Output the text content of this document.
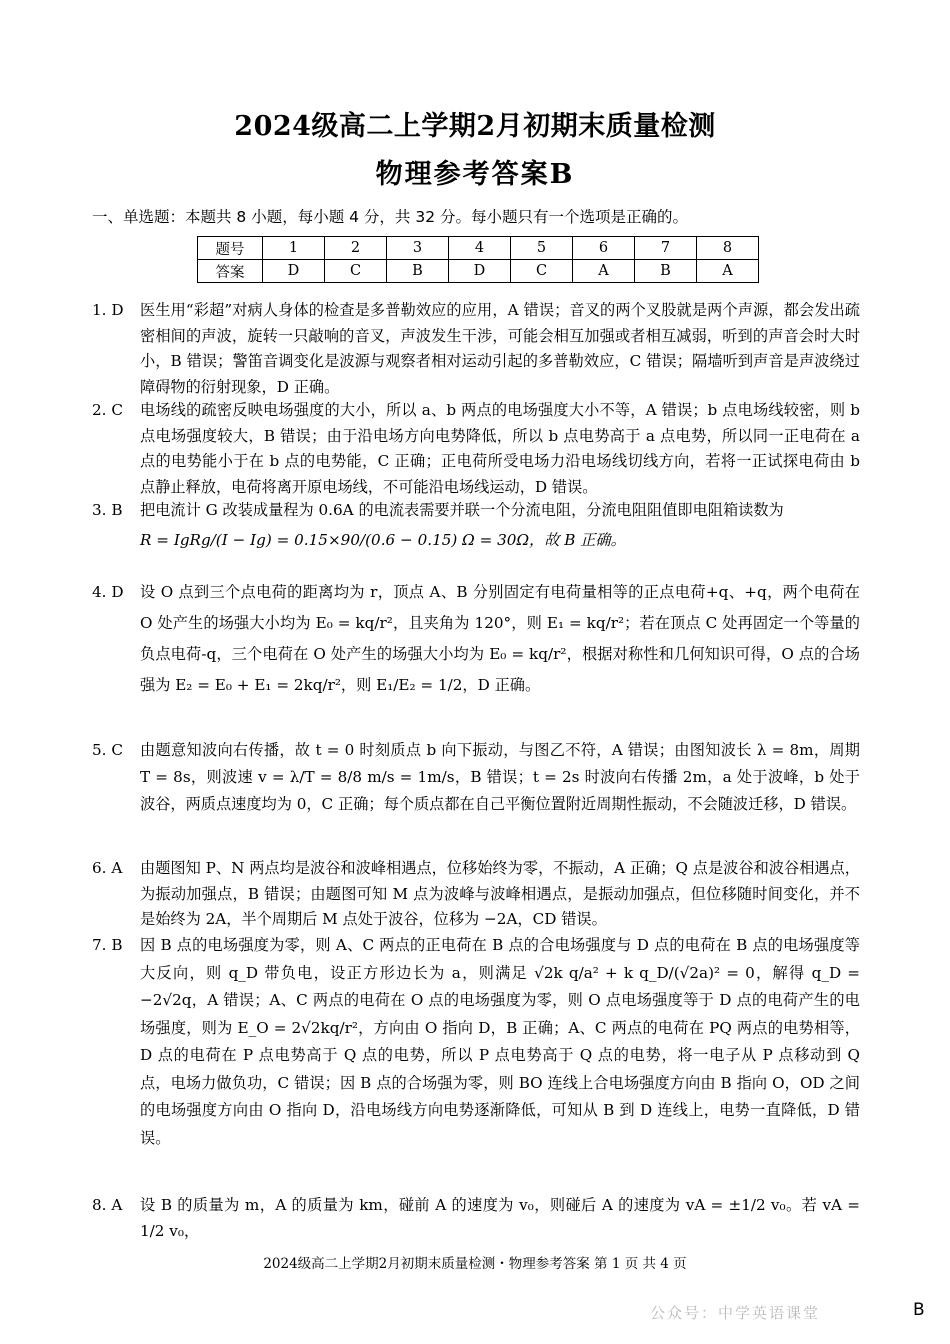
2024级高二上学期2月初期末质量检测
物理参考答案B
一、单选题：本题共 8 小题，每小题 4 分，共 32 分。每小题只有一个选项是正确的。
题号	1	2	3	4	5	6	7	8
答案	D	C	B	D	C	A	B	A
1. D	医生用“彩超”对病人身体的检查是多普勒效应的应用，A 错误；音叉的两个叉股就是两个声源，都会发出疏密相间的声波，旋转一只敲响的音叉，声波发生干涉，可能会相互加强或者相互减弱，听到的声音会时大时小，B 错误；警笛音调变化是波源与观察者相对运动引起的多普勒效应，C 错误；隔墙听到声音是声波绕过障碍物的衍射现象，D 正确。

2. C	电场线的疏密反映电场强度的大小，所以 a、b 两点的电场强度大小不等，A 错误；b 点电场线较密，则 b 点电场强度较大，B 错误；由于沿电场方向电势降低，所以 b 点电势高于 a 点电势，所以同一正电荷在 a 点的电势能小于在 b 点的电势能，C 正确；正电荷所受电场力沿电场线切线方向，若将一正试探电荷由 b 点静止释放，电荷将离开原电场线，不可能沿电场线运动，D 错误。

3. B	把电流计 G 改装成量程为 0.6A 的电流表需要并联一个分流电阻，分流电阻阻值即电阻箱读数为

R = IgRg/(I − Ig) = 0.15×90/(0.6 − 0.15) Ω = 30Ω，故 B 正确。

4. D	设 O 点到三个点电荷的距离均为 r，顶点 A、B 分别固定有电荷量相等的正点电荷+q、+q，两个电荷在 O 处产生的场强大小均为 E₀ = kq/r²，且夹角为 120°，则 E₁ = kq/r²；若在顶点 C 处再固定一个等量的负点电荷-q，三个电荷在 O 处产生的场强大小均为 E₀ = kq/r²，根据对称性和几何知识可得，O 点的合场强为 E₂ = E₀ + E₁ = 2kq/r²，则 E₁/E₂ = 1/2，D 正确。

5. C	由题意知波向右传播，故 t = 0 时刻质点 b 向下振动，与图乙不符，A 错误；由图知波长 λ = 8m，周期 T = 8s，则波速 v = λ/T = 8/8 m/s = 1m/s，B 错误；t = 2s 时波向右传播 2m，a 处于波峰，b 处于波谷，两质点速度均为 0，C 正确；每个质点都在自己平衡位置附近周期性振动，不会随波迁移，D 错误。

6. A	由题图知 P、N 两点均是波谷和波峰相遇点，位移始终为零，不振动，A 正确；Q 点是波谷和波谷相遇点，为振动加强点，B 错误；由题图可知 M 点为波峰与波峰相遇点，是振动加强点，但位移随时间变化，并不是始终为 2A，半个周期后 M 点处于波谷，位移为 −2A，CD 错误。

7. B	因 B 点的电场强度为零，则 A、C 两点的正电荷在 B 点的合电场强度与 D 点的电荷在 B 点的电场强度等大反向，则 q_D 带负电，设正方形边长为 a，则满足 √2k q/a² + k q_D/(√2a)² = 0，解得 q_D = −2√2q，A 错误；A、C 两点的电荷在 O 点的电场强度为零，则 O 点电场强度等于 D 点的电荷产生的电场强度，则为 E_O = 2√2kq/r²，方向由 O 指向 D，B 正确；A、C 两点的电荷在 PQ 两点的电势相等，D 点的电荷在 P 点电势高于 Q 点的电势，所以 P 点电势高于 Q 点的电势，将一电子从 P 点移动到 Q 点，电场力做负功，C 错误；因 B 点的合场强为零，则 BO 连线上合电场强度方向由 B 指向 O，OD 之间的电场强度方向由 O 指向 D，沿电场线方向电势逐渐降低，可知从 B 到 D 连线上，电势一直降低，D 错误。

8. A	设 B 的质量为 m，A 的质量为 km，碰前 A 的速度为 v₀，则碰后 A 的速度为 vA = ±1/2 v₀。若 vA = 1/2 v₀，

2024级高二上学期2月初期末质量检测・物理参考答案 第 1 页 共 4 页
公众号：中学英语课堂	B
